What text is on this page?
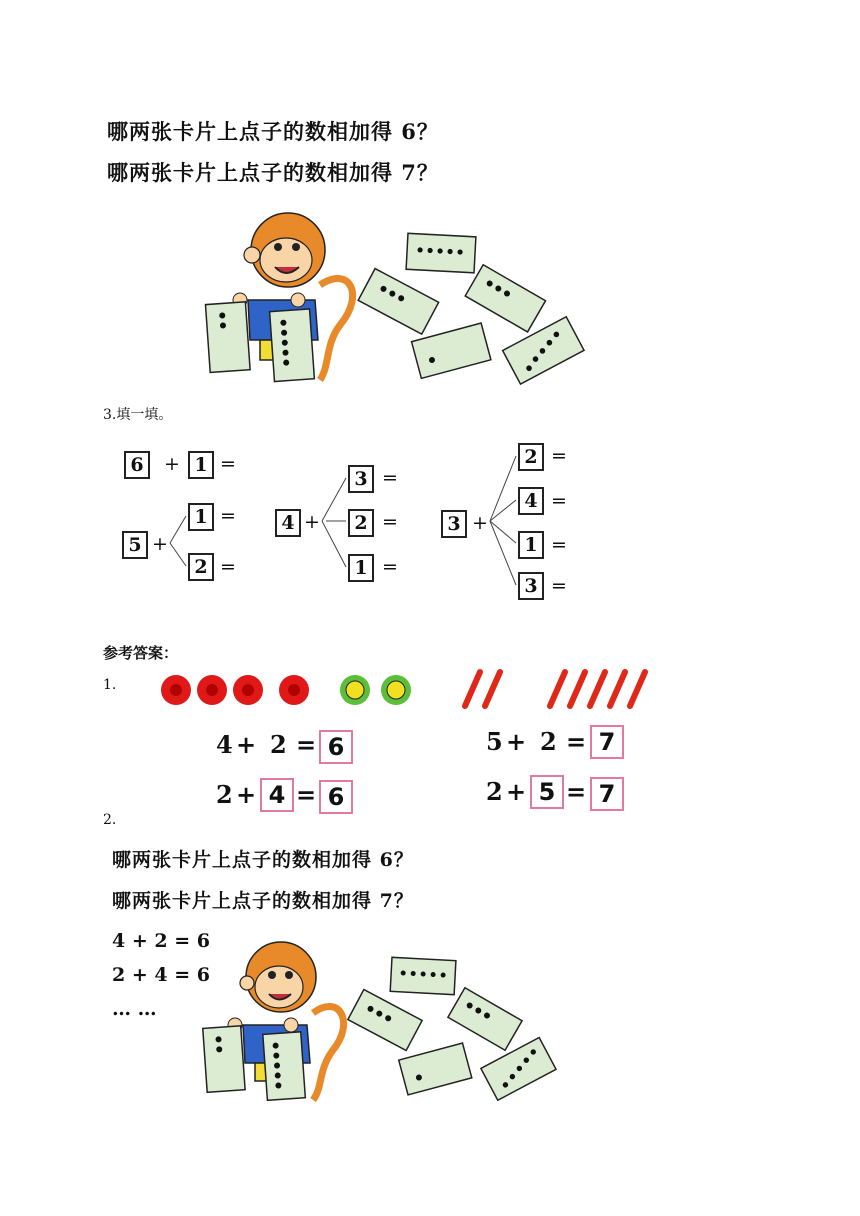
哪两张卡片上点子的数相加得 6？
哪两张卡片上点子的数相加得 7？
3.填一填。
6	+ 1 =
5 +
1 =
2 =
4 +
3 =
2 =
1 =
3 +
2 =
4 =
1 =
3 =
参考答案：
1.
4 + 2 = 6
2 + 4 = 6
5 + 2 = 7
2 + 5 = 7
2.
哪两张卡片上点子的数相加得 6？
哪两张卡片上点子的数相加得 7？
4 + 2 = 6
2 + 4 = 6
… …
